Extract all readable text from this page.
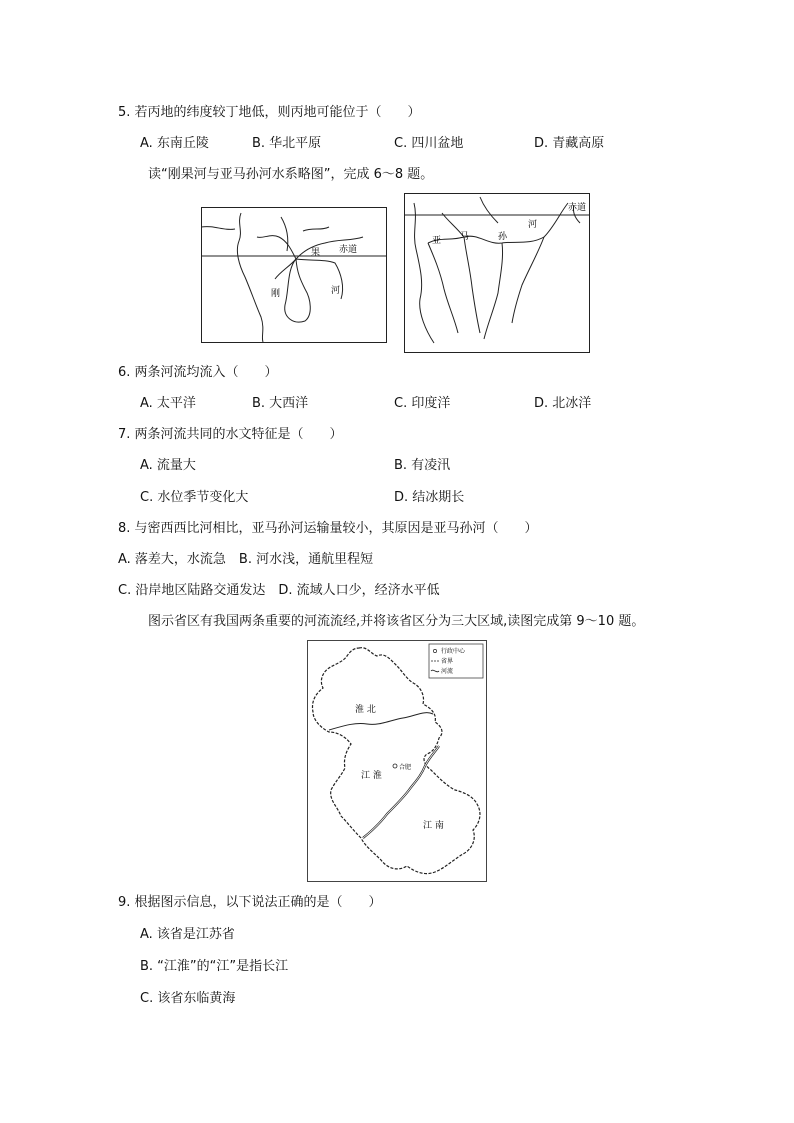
5. 若丙地的纬度较丁地低，则丙地可能位于（　　）
A. 东南丘陵	B. 华北平原	C. 四川盆地	D. 青藏高原
读“刚果河与亚马孙河水系略图”，完成 6～8 题。
刚
果
河
赤道
亚 马	孙
河
赤道
6. 两条河流均流入（　　）
A. 太平洋	B. 大西洋	C. 印度洋	D. 北冰洋
7. 两条河流共同的水文特征是（　　）
A. 流量大	B. 有凌汛
C. 水位季节变化大	D. 结冰期长
8. 与密西西比河相比，亚马孙河运输量较小，其原因是亚马孙河（　　）
A. 落差大，水流急　B. 河水浅，通航里程短
C. 沿岸地区陆路交通发达　D. 流域人口少，经济水平低
图示省区有我国两条重要的河流流经,并将该省区分为三大区域,读图完成第 9～10 题。
行政中心
省界
河流
淮 北
江 淮
江 南
合肥
9. 根据图示信息，以下说法正确的是（　　）
A. 该省是江苏省
B. “江淮”的“江”是指长江
C. 该省东临黄海
